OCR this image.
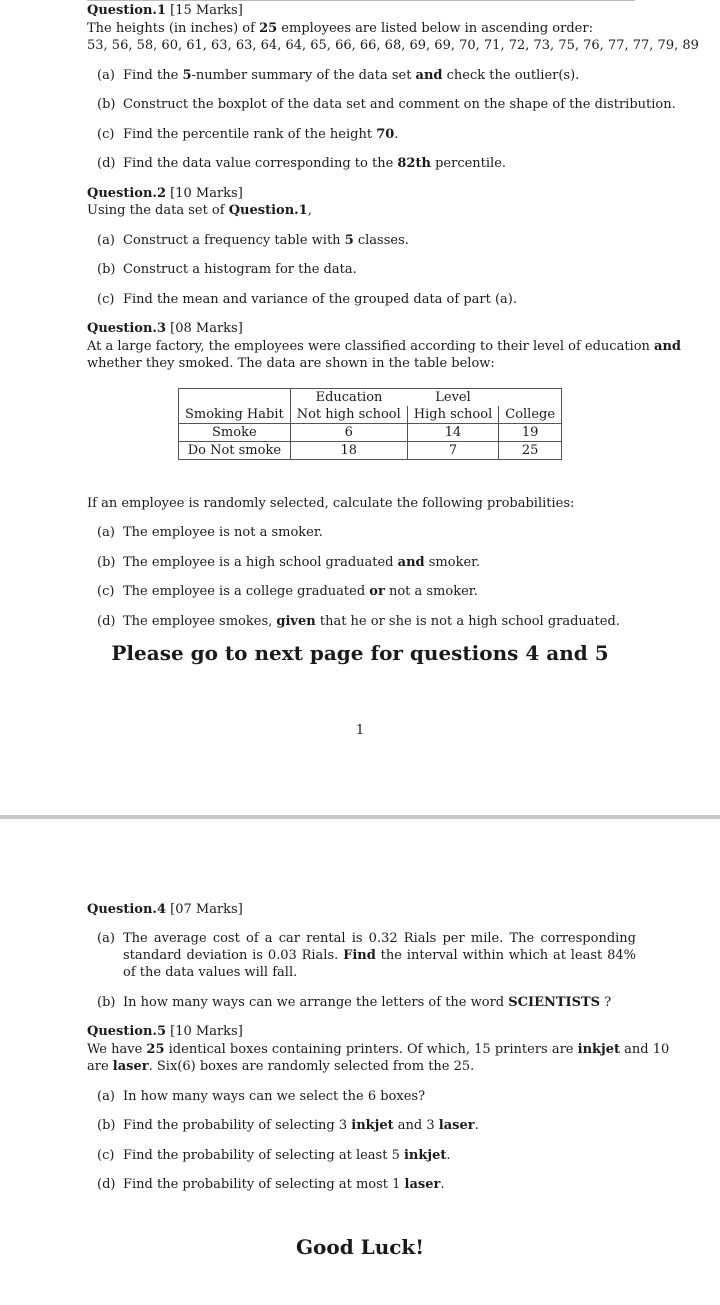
Question.1 [15 Marks]
The heights (in inches) of 25 employees are listed below in ascending order:
53, 56, 58, 60, 61, 63, 63, 64, 64, 65, 66, 66, 68, 69, 69, 70, 71, 72, 73, 75, 76, 77, 77, 79, 89
(a) Find the 5-number summary of the data set and check the outlier(s).
(b) Construct the boxplot of the data set and comment on the shape of the distribution.
(c) Find the percentile rank of the height 70.
(d) Find the data value corresponding to the 82th percentile.
Question.2 [10 Marks]
Using the data set of Question.1,
(a) Construct a frequency table with 5 classes.
(b) Construct a histogram for the data.
(c) Find the mean and variance of the grouped data of part (a).
Question.3 [08 Marks]
At a large factory, the employees were classified according to their level of education and
whether they smoked. The data are shown in the table below:
	Education	Level	
Smoking Habit	Not high school	High school	College
Smoke	6	14	19
Do Not smoke	18	7	25
If an employee is randomly selected, calculate the following probabilities:
(a) The employee is not a smoker.
(b) The employee is a high school graduated and smoker.
(c) The employee is a college graduated or not a smoker.
(d) The employee smokes, given that he or she is not a high school graduated.
Please go to next page for questions 4 and 5
1
Question.4 [07 Marks]
(a) The average cost of a car rental is 0.32 Rials per mile. The corresponding standard deviation is 0.03 Rials. Find the interval within which at least 84% of the data values will fall.
(b) In how many ways can we arrange the letters of the word SCIENTISTS ?
Question.5 [10 Marks]
We have 25 identical boxes containing printers. Of which, 15 printers are inkjet and 10
are laser. Six(6) boxes are randomly selected from the 25.
(a) In how many ways can we select the 6 boxes?
(b) Find the probability of selecting 3 inkjet and 3 laser.
(c) Find the probability of selecting at least 5 inkjet.
(d) Find the probability of selecting at most 1 laser.
Good Luck!
